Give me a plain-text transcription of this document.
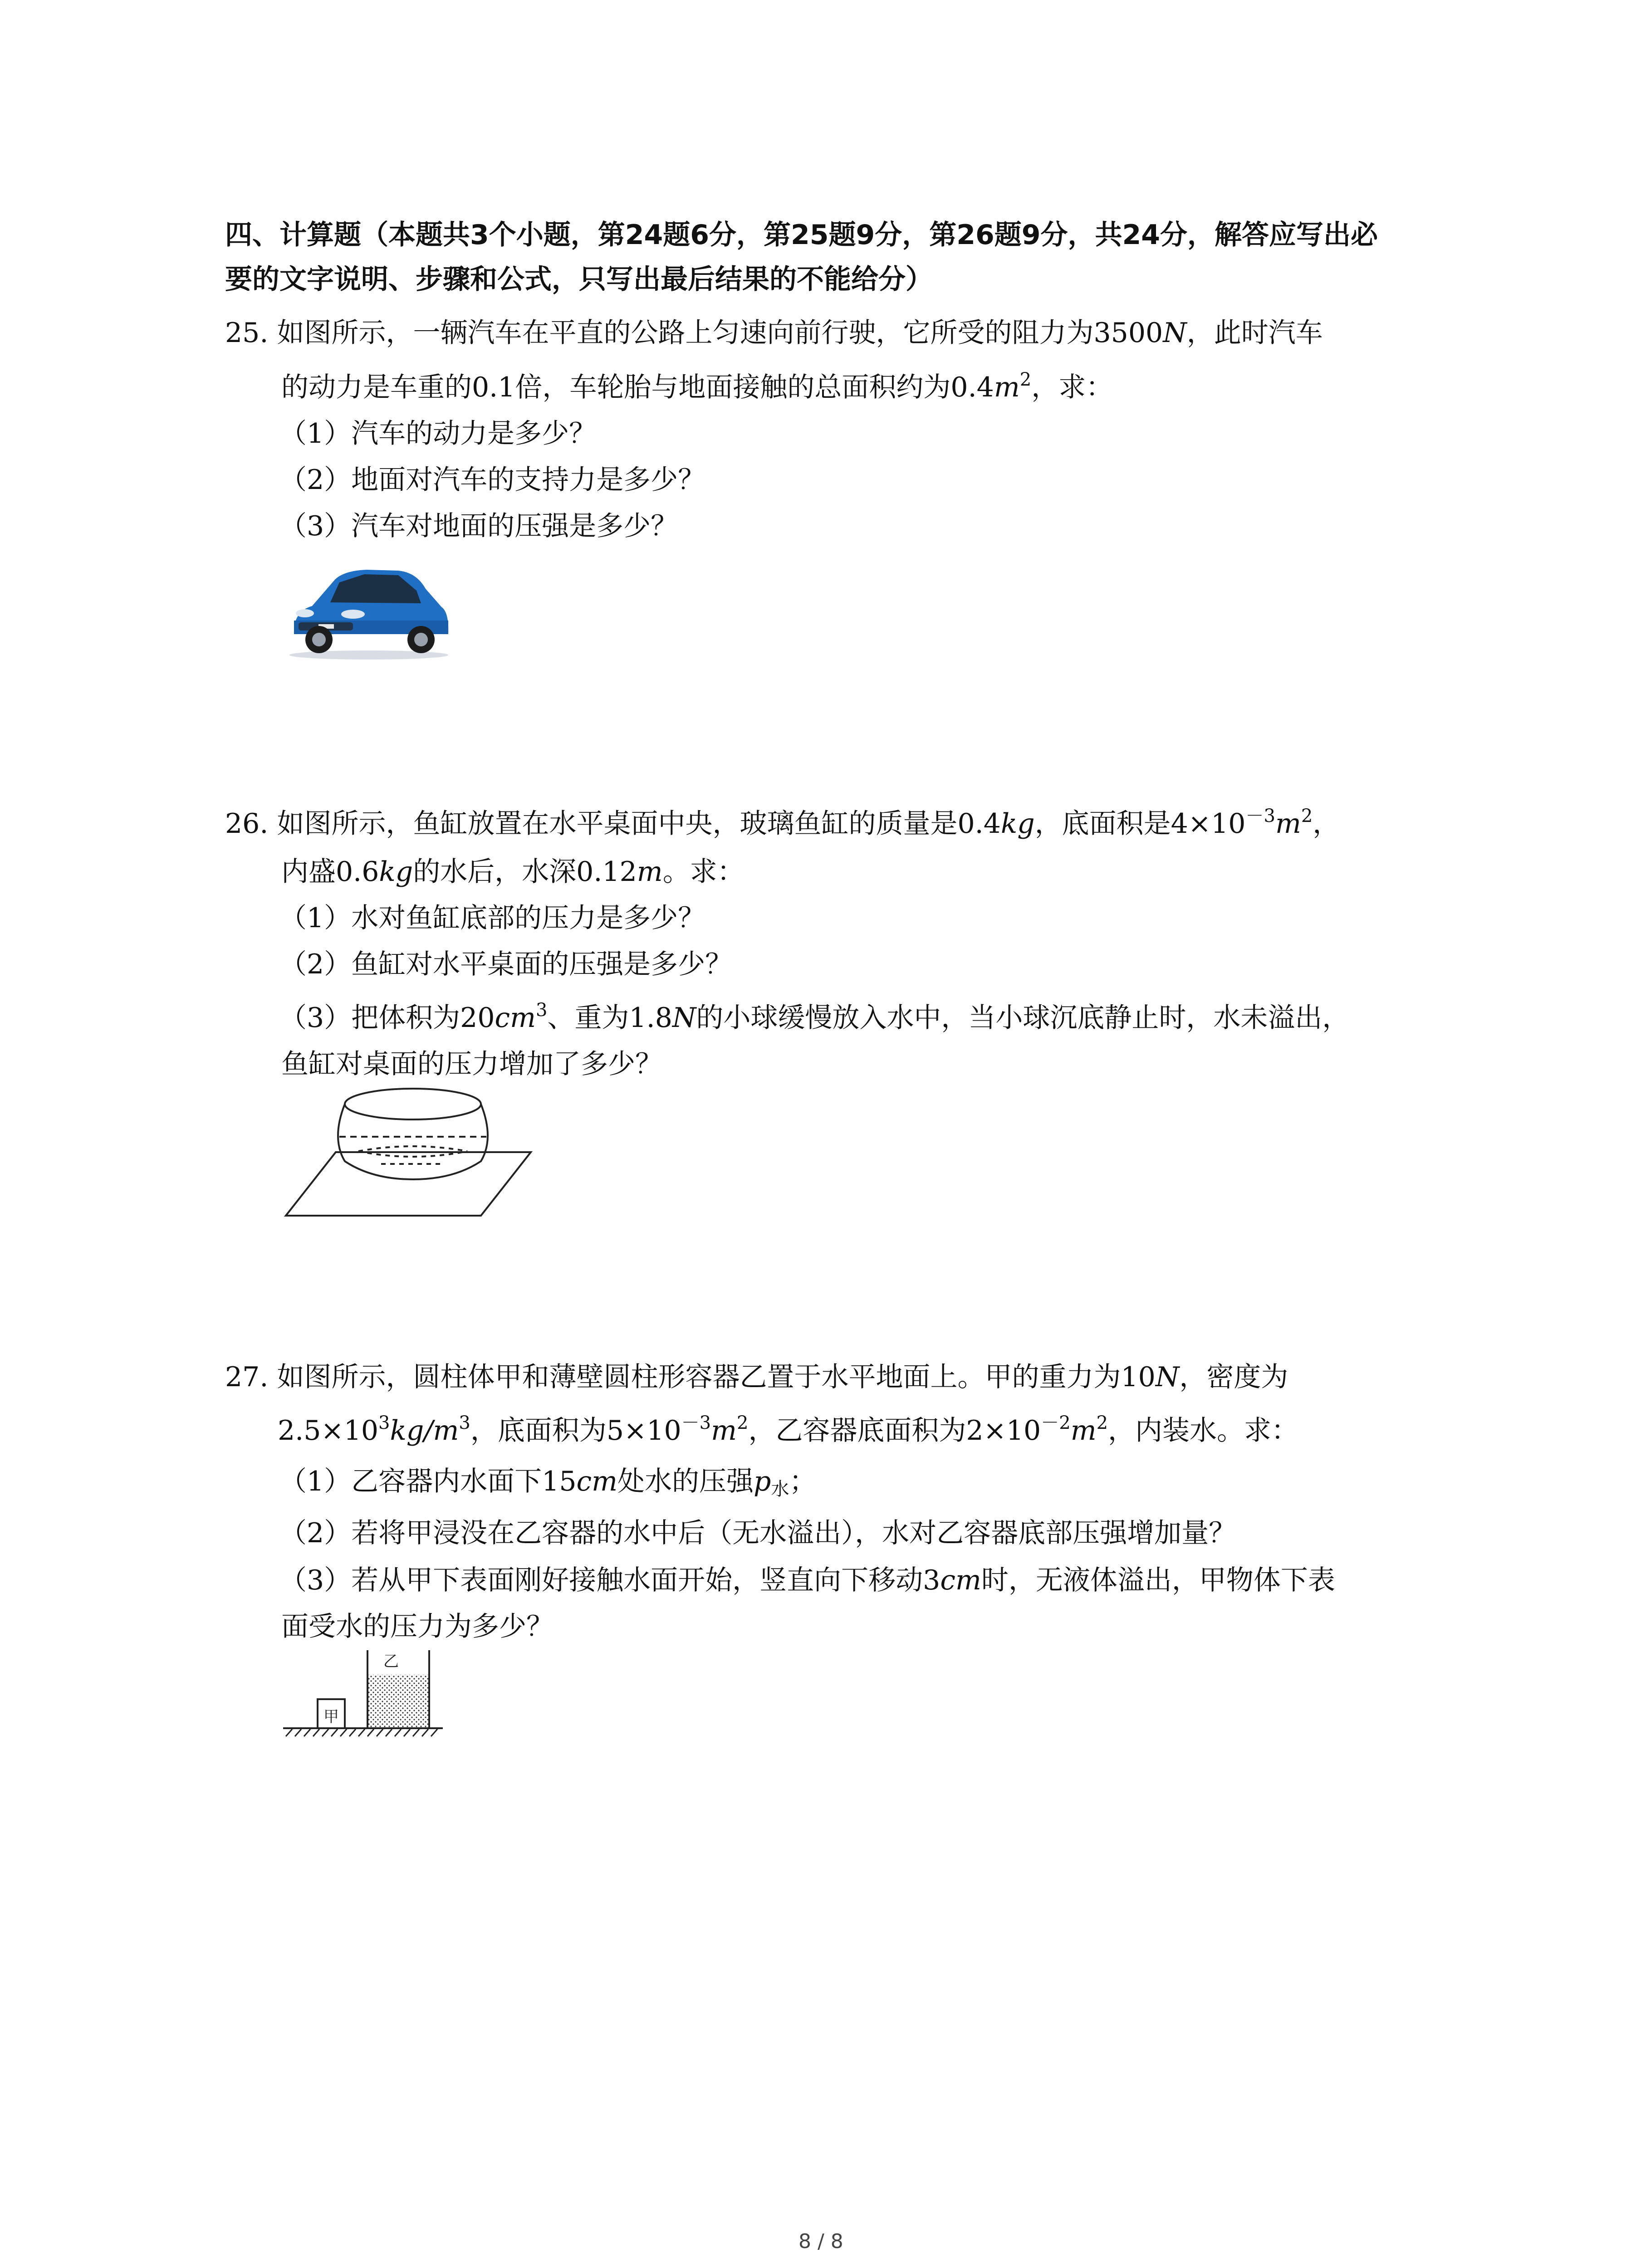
四、计算题（本题共3个小题，第24题6分，第25题9分，第26题9分，共24分，解答应写出必
要的文字说明、步骤和公式，只写出最后结果的不能给分）
25. 如图所示，一辆汽车在平直的公路上匀速向前行驶，它所受的阻力为3500N，此时汽车
的动力是车重的0.1倍，车轮胎与地面接触的总面积约为$0.4m^2$，求：
（1）汽车的动力是多少？
（2）地面对汽车的支持力是多少？
（3）汽车对地面的压强是多少？
26. 如图所示，鱼缸放置在水平桌面中央，玻璃鱼缸的质量是0.4kg，底面积是$4\times 10^{-3}m^2$，
内盛0.6kg的水后，水深0.12m。求：
（1）水对鱼缸底部的压力是多少？
（2）鱼缸对水平桌面的压强是多少？
（3）把体积为$20cm^3$、重为1.8N的小球缓慢放入水中，当小球沉底静止时，水未溢出，
鱼缸对桌面的压力增加了多少？
27. 如图所示，圆柱体甲和薄壁圆柱形容器乙置于水平地面上。甲的重力为10N，密度为
$2.5\times 10^3kg/m^3$，底面积为$5\times 10^{-3}m^2$，乙容器底面积为$2\times 10^{-2}m^2$，内装水。求：
（1）乙容器内水面下15cm处水的压强$p_水$；
（2）若将甲浸没在乙容器的水中后（无水溢出），水对乙容器底部压强增加量？
（3）若从甲下表面刚好接触水面开始，竖直向下移动3cm时，无液体溢出，甲物体下表
面受水的压力为多少？
甲
乙
8 / 8
